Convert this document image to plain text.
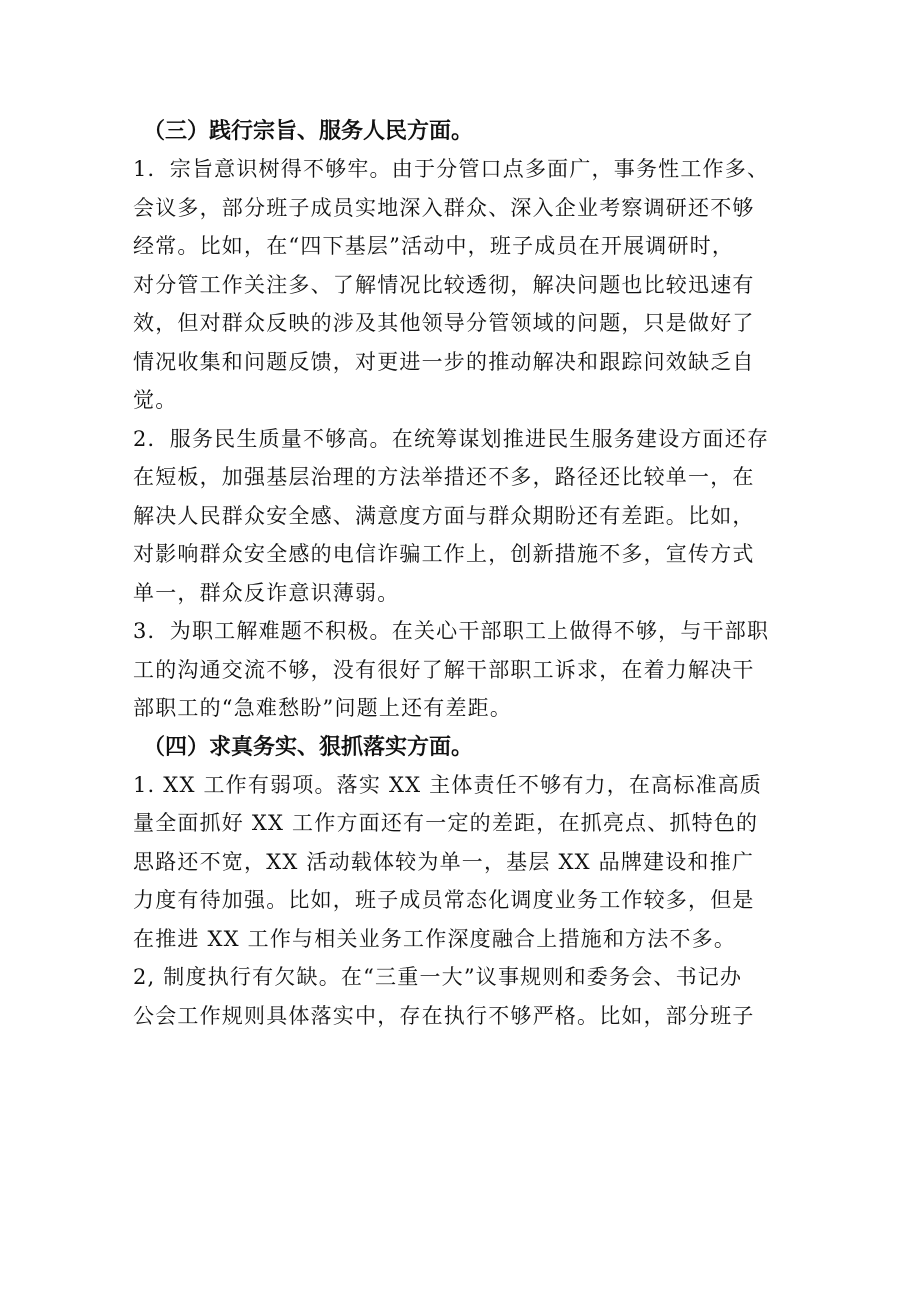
（三）践行宗旨、服务人民方面。

1．宗旨意识树得不够牢。由于分管口点多面广，事务性工作多、
会议多，部分班子成员实地深入群众、深入企业考察调研还不够
经常。比如，在“四下基层”活动中，班子成员在开展调研时，
对分管工作关注多、了解情况比较透彻，解决问题也比较迅速有
效，但对群众反映的涉及其他领导分管领域的问题，只是做好了
情况收集和问题反馈，对更进一步的推动解决和跟踪问效缺乏自
觉。

2．服务民生质量不够高。在统筹谋划推进民生服务建设方面还存
在短板，加强基层治理的方法举措还不多，路径还比较单一，在
解决人民群众安全感、满意度方面与群众期盼还有差距。比如，
对影响群众安全感的电信诈骗工作上，创新措施不多，宣传方式
单一，群众反诈意识薄弱。

3．为职工解难题不积极。在关心干部职工上做得不够，与干部职
工的沟通交流不够，没有很好了解干部职工诉求，在着力解决干
部职工的“急难愁盼”问题上还有差距。

（四）求真务实、狠抓落实方面。

1. XX 工作有弱项。落实 XX 主体责任不够有力，在高标准高质
量全面抓好 XX 工作方面还有一定的差距，在抓亮点、抓特色的
思路还不宽，XX 活动载体较为单一，基层 XX 品牌建设和推广
力度有待加强。比如，班子成员常态化调度业务工作较多，但是
在推进 XX 工作与相关业务工作深度融合上措施和方法不多。

2, 制度执行有欠缺。在“三重一大”议事规则和委务会、书记办
公会工作规则具体落实中，存在执行不够严格。比如，部分班子
